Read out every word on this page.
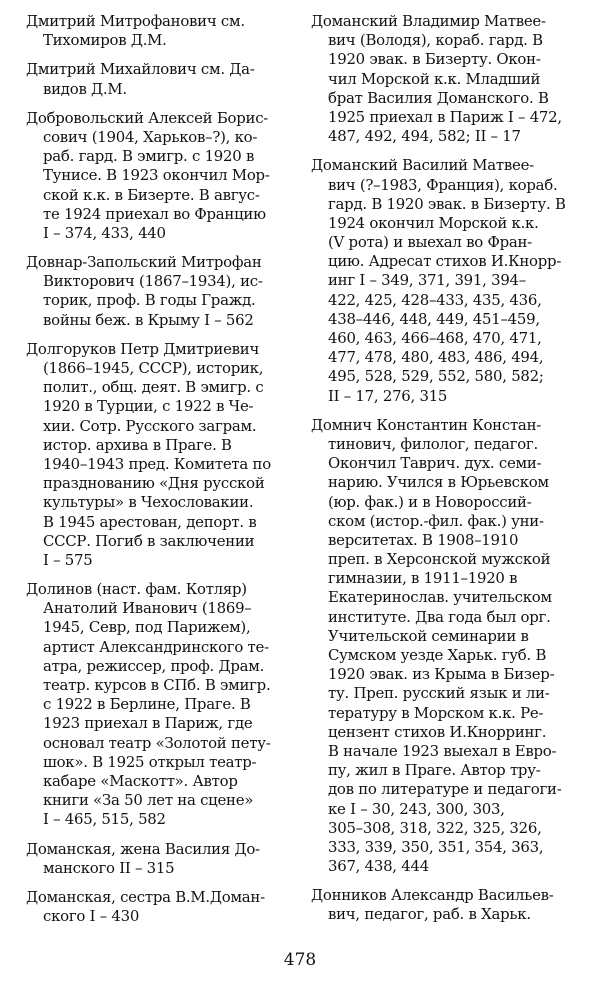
Дмитрий Митрофанович см.
Тихомиров Д.М.
Дмитрий Михайлович см. Да-
видов Д.М.
Добровольский Алексей Борис-
сович (1904, Харьков–?), ко-
раб. гард. В эмигр. с 1920 в
Тунисе. В 1923 окончил Мор-
ской к.к. в Бизерте. В авгус-
те 1924 приехал во Францию
I – 374, 433, 440
Довнар-Запольский Митрофан
Викторович (1867–1934), ис-
торик, проф. В годы Гражд.
войны беж. в Крыму I – 562
Долгоруков Петр Дмитриевич
(1866–1945, СССР), историк,
полит., общ. деят. В эмигр. с
1920 в Турции, с 1922 в Че-
хии. Сотр. Русского заграм.
истор. архива в Праге. В
1940–1943 пред. Комитета по
празднованию «Дня русской
культуры» в Чехословакии.
В 1945 арестован, депорт. в
СССР. Погиб в заключении
I – 575
Долинов (наст. фам. Котляр)
Анатолий Иванович (1869–
1945, Севр, под Парижем),
артист Александринского те-
атра, режиссер, проф. Драм.
театр. курсов в СПб. В эмигр.
с 1922 в Берлине, Праге. В
1923 приехал в Париж, где
основал театр «Золотой пету-
шок». В 1925 открыл театр-
кабаре «Маскотт». Автор
книги «За 50 лет на сцене»
I – 465, 515, 582
Доманская, жена Василия До-
манского II – 315
Доманская, сестра В.М.Доман-
ского I – 430
Доманский Владимир Матвее-
вич (Володя), кораб. гард. В
1920 эвак. в Бизерту. Окон-
чил Морской к.к. Младший
брат Василия Доманского. В
1925 приехал в Париж I – 472,
487, 492, 494, 582; II – 17
Доманский Василий Матвее-
вич (?–1983, Франция), кораб.
гард. В 1920 эвак. в Бизерту. В
1924 окончил Морской к.к.
(V рота) и выехал во Фран-
цию. Адресат стихов И.Кнорр-
инг I – 349, 371, 391, 394–
422, 425, 428–433, 435, 436,
438–446, 448, 449, 451–459,
460, 463, 466–468, 470, 471,
477, 478, 480, 483, 486, 494,
495, 528, 529, 552, 580, 582;
II – 17, 276, 315
Домнич Константин Констан-
тинович, филолог, педагог.
Окончил Таврич. дух. семи-
нарию. Учился в Юрьевском
(юр. фак.) и в Новороссий-
ском (истор.-фил. фак.) уни-
верситетах. В 1908–1910
преп. в Херсонской мужской
гимназии, в 1911–1920 в
Екатеринослав. учительском
институте. Два года был орг.
Учительской семинарии в
Сумском уезде Харьк. губ. В
1920 эвак. из Крыма в Бизер-
ту. Преп. русский язык и ли-
тературу в Морском к.к. Ре-
цензент стихов И.Кнорринг.
В начале 1923 выехал в Евро-
пу, жил в Праге. Автор тру-
дов по литературе и педагоги-
ке I – 30, 243, 300, 303,
305–308, 318, 322, 325, 326,
333, 339, 350, 351, 354, 363,
367, 438, 444
Донников Александр Васильев-
вич, педагог, раб. в Харьк.
478
